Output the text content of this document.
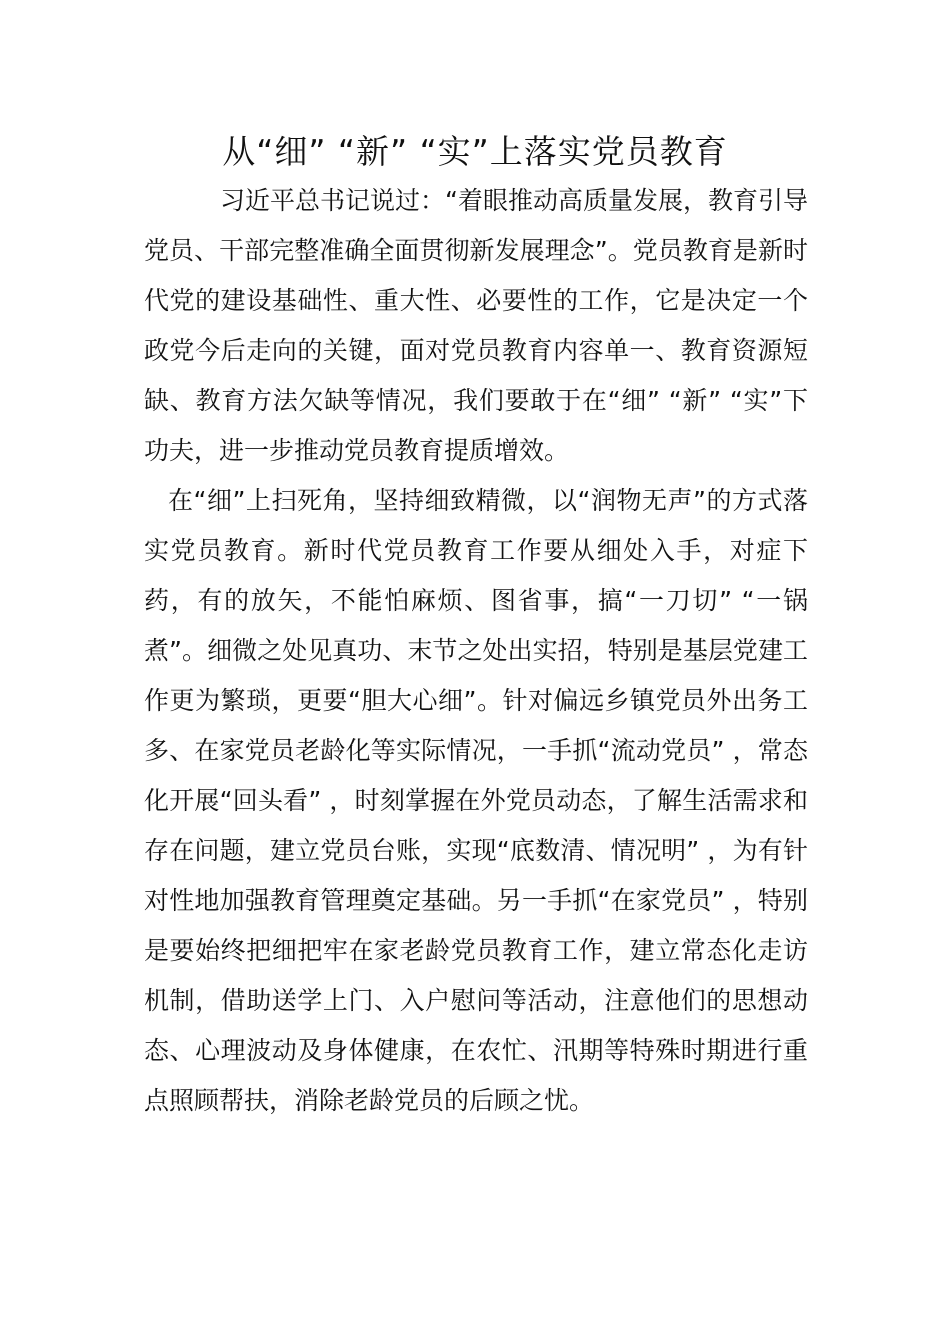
从“细” “新” “实”上落实党员教育

习近平总书记说过：“着眼推动高质量发展，教育引导党员、干部完整准确全面贯彻新发展理念”。党员教育是新时代党的建设基础性、重大性、必要性的工作，它是决定一个政党今后走向的关键，面对党员教育内容单一、教育资源短缺、教育方法欠缺等情况，我们要敢于在“细” “新” “实”下功夫，进一步推动党员教育提质增效。

在“细”上扫死角，坚持细致精微，以“润物无声”的方式落实党员教育。新时代党员教育工作要从细处入手，对症下药，有的放矢，不能怕麻烦、图省事，搞“一刀切” “一锅煮”。细微之处见真功、末节之处出实招，特别是基层党建工作更为繁琐，更要“胆大心细”。针对偏远乡镇党员外出务工多、在家党员老龄化等实际情况，一手抓“流动党员” ，常态化开展“回头看” ，时刻掌握在外党员动态，了解生活需求和存在问题，建立党员台账，实现“底数清、情况明” ，为有针对性地加强教育管理奠定基础。另一手抓“在家党员” ，特别是要始终把细把牢在家老龄党员教育工作，建立常态化走访机制，借助送学上门、入户慰问等活动，注意他们的思想动态、心理波动及身体健康，在农忙、汛期等特殊时期进行重点照顾帮扶，消除老龄党员的后顾之忧。
